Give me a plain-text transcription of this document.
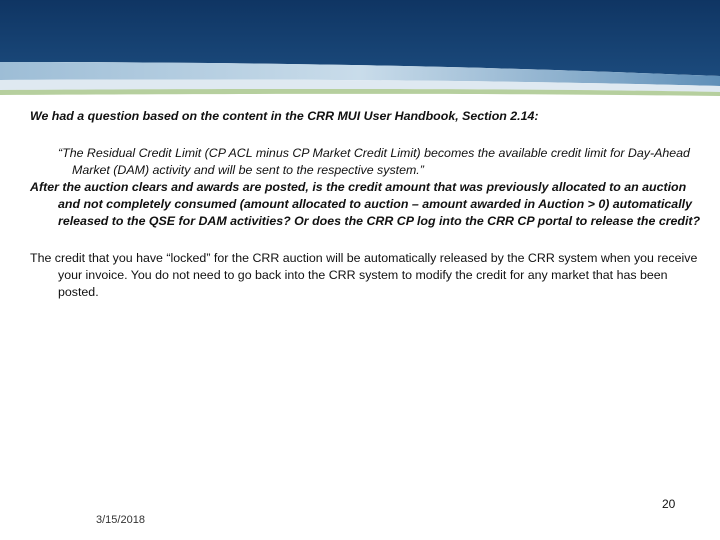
We had a question based on the content in the CRR MUI User Handbook, Section 2.14:

“The Residual Credit Limit (CP ACL minus CP Market Credit Limit) becomes the available credit limit for Day-Ahead Market (DAM) activity and will be sent to the respective system.”

After the auction clears and awards are posted, is the credit amount that was previously allocated to an auction and not completely consumed (amount allocated to auction – amount awarded in Auction > 0) automatically released to the QSE for DAM activities? Or does the CRR CP log into the CRR CP portal to release the credit?

The credit that you have “locked” for the CRR auction will be automatically released by the CRR system when you receive your invoice. You do not need to go back into the CRR system to modify the credit for any market that has been posted.

20
3/15/2018
